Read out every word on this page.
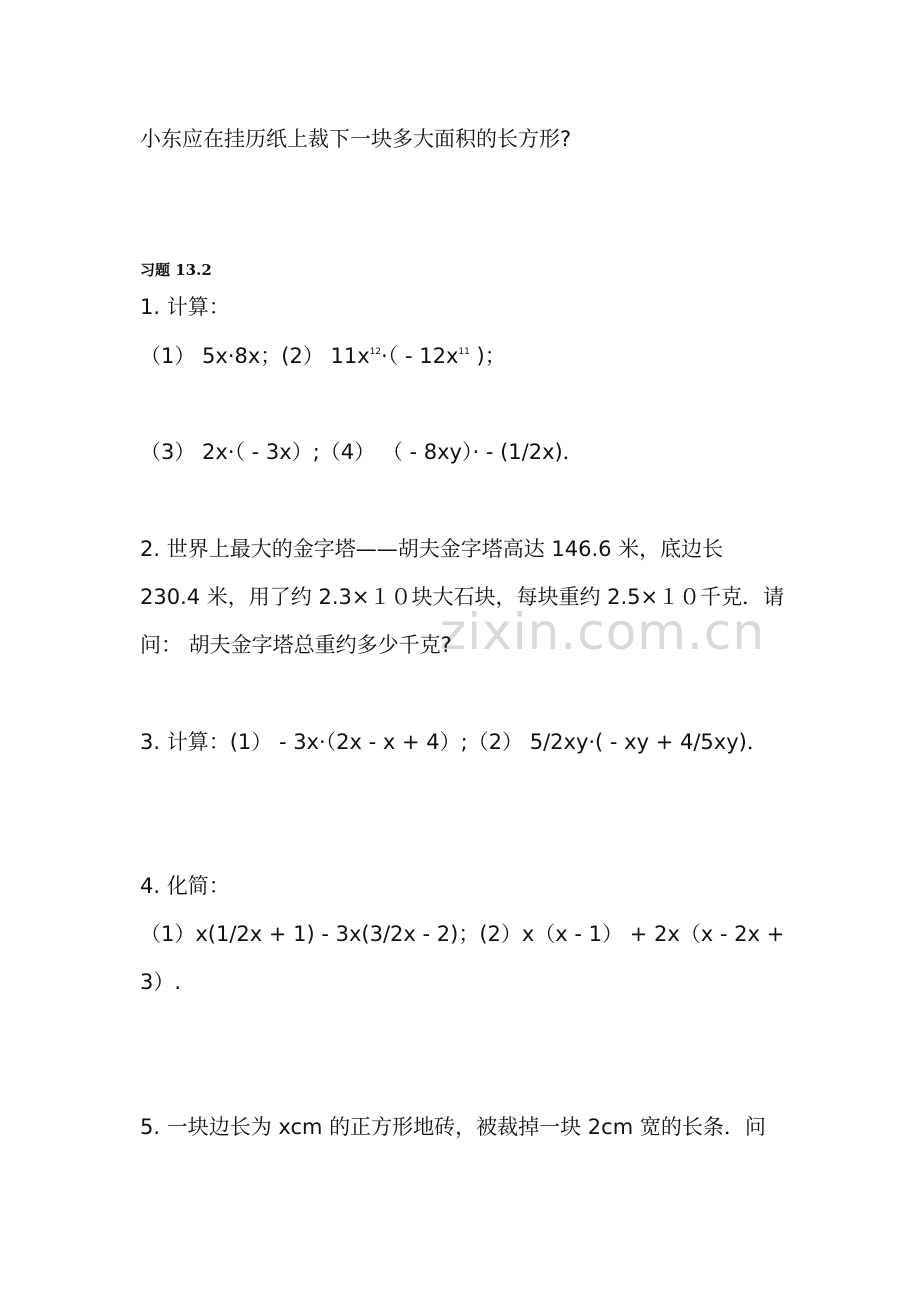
zixin.com.cn

小东应在挂历纸上裁下一块多大面积的长方形?

习题 13.2

1. 计算：

（1） 5x·8x；(2） $11x^{12}\cdot( - 12x^{11}$ )；

（3） 2x·（ - 3x）;（4） （ - 8xy）· - (1/2x)．

2. 世界上最大的金字塔——胡夫金字塔高达 146.6 米，底边长

230.4 米，用了约 2.3×１０块大石块，每块重约 2.5×１０千克．请

问： 胡夫金字塔总重约多少千克?

3. 计算：(1） - 3x·（2x - x + 4）;（2） 5/2xy·( - xy + 4/5xy)．

4. 化简：

（1）x(1/2x + 1) - 3x(3/2x - 2)；(2）x（x - 1） + 2x（x - 2x +

3）.

5. 一块边长为 xcm 的正方形地砖，被裁掉一块 2cm 宽的长条．问
